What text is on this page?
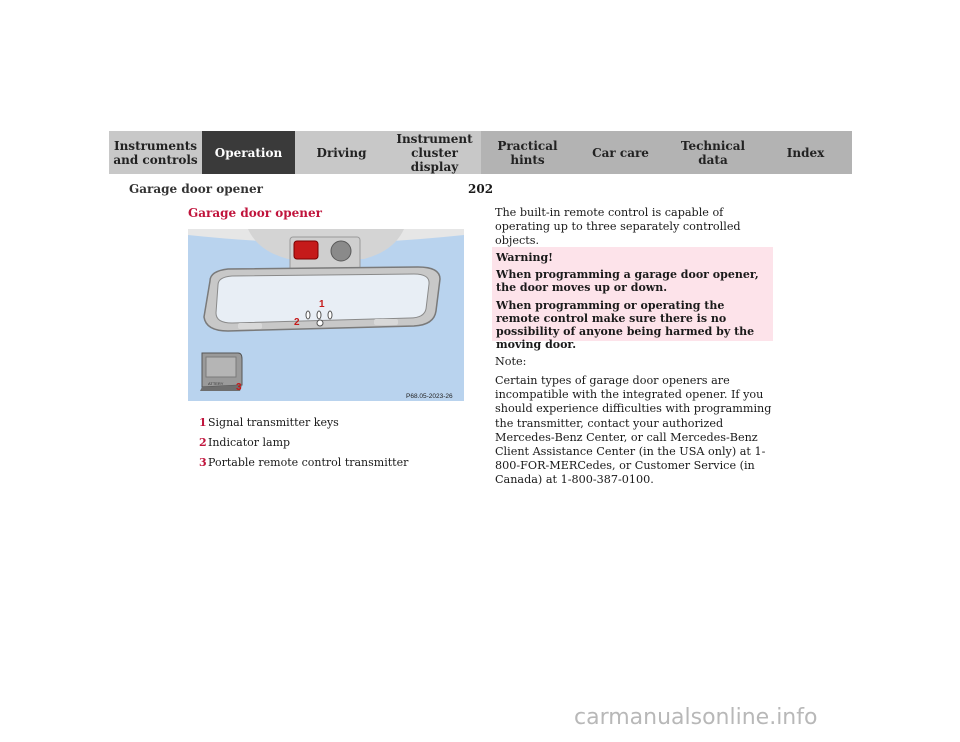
Instruments
and controls	Operation	Driving
Instrument
cluster display
Practical hints	Car care	Technical
data	Index
Garage door opener	202
Garage door opener
1
2
ATTERY 3
P68.05-2023-26
1Signal transmitter keys
2Indicator lamp
3Portable remote control transmitter
The built-in remote control is capable of operating up to three separately controlled objects.

Warning!

When programming a garage door opener, the door moves up or down.

When programming or operating the remote control make sure there is no possibility of anyone being harmed by the moving door.

Note:
Certain types of garage door openers are incompatible with the integrated opener. If you should experience difficulties with programming the transmitter, contact your authorized Mercedes-Benz Center, or call Mercedes-Benz Client Assistance Center (in the USA only) at 1-800-FOR-MERCedes, or Customer Service (in Canada) at 1-800-387-0100.
carmanualsonline.info
